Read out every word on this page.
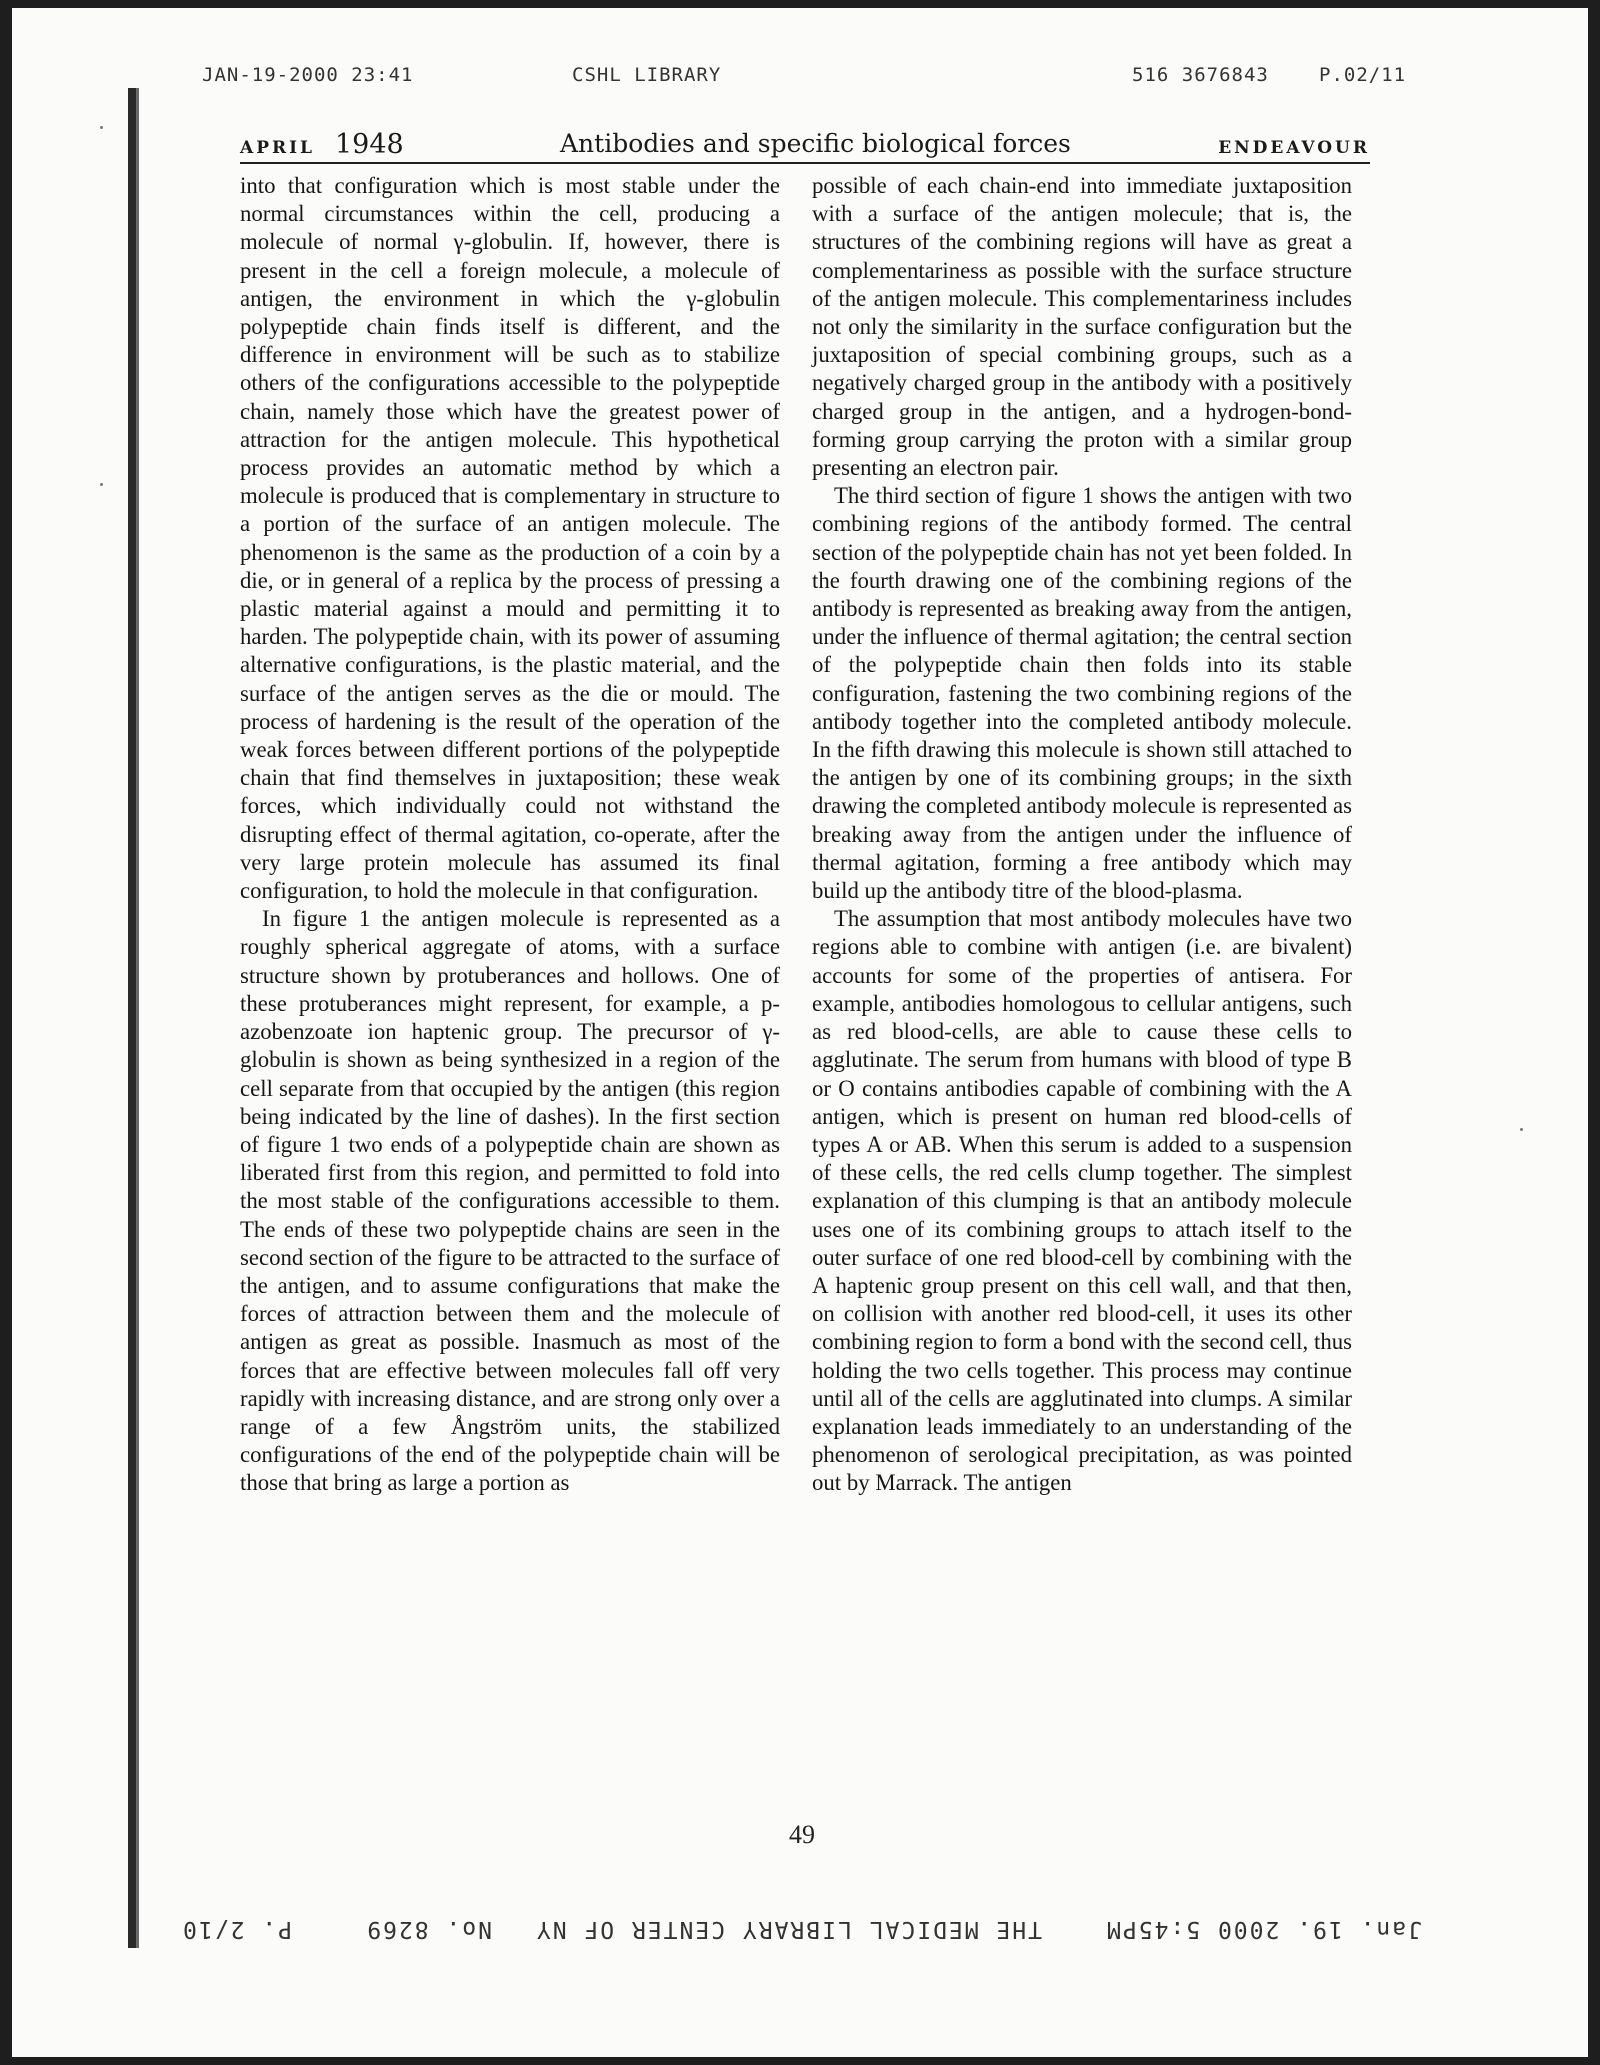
JAN-19-2000 23:41	CSHL LIBRARY	516 3676843	P.02/11
APRIL 1948	Antibodies and specific biological forces	ENDEAVOUR

into that configuration which is most stable under the normal circumstances within the cell, producing a molecule of normal γ-globulin. If, however, there is present in the cell a foreign molecule, a molecule of antigen, the environment in which the γ-globulin polypeptide chain finds itself is different, and the difference in environment will be such as to stabilize others of the configurations accessible to the polypeptide chain, namely those which have the greatest power of attraction for the antigen molecule. This hypothetical process provides an automatic method by which a molecule is produced that is complementary in structure to a portion of the surface of an antigen molecule. The phenomenon is the same as the production of a coin by a die, or in general of a replica by the process of pressing a plastic material against a mould and permitting it to harden. The polypeptide chain, with its power of assuming alternative configurations, is the plastic material, and the surface of the antigen serves as the die or mould. The process of hardening is the result of the operation of the weak forces between different portions of the polypeptide chain that find themselves in juxtaposition; these weak forces, which individually could not withstand the disrupting effect of thermal agitation, co-operate, after the very large protein molecule has assumed its final configuration, to hold the molecule in that configuration.

In figure 1 the antigen molecule is represented as a roughly spherical aggregate of atoms, with a surface structure shown by protuberances and hollows. One of these protuberances might represent, for example, a p-azobenzoate ion haptenic group. The precursor of γ-globulin is shown as being synthesized in a region of the cell separate from that occupied by the antigen (this region being indicated by the line of dashes). In the first section of figure 1 two ends of a polypeptide chain are shown as liberated first from this region, and permitted to fold into the most stable of the configurations accessible to them. The ends of these two polypeptide chains are seen in the second section of the figure to be attracted to the surface of the antigen, and to assume configurations that make the forces of attraction between them and the molecule of antigen as great as possible. Inasmuch as most of the forces that are effective between molecules fall off very rapidly with increasing distance, and are strong only over a range of a few Ångström units, the stabilized configurations of the end of the polypeptide chain will be those that bring as large a portion as

possible of each chain-end into immediate juxtaposition with a surface of the antigen molecule; that is, the structures of the combining regions will have as great a complementariness as possible with the surface structure of the antigen molecule. This complementariness includes not only the similarity in the surface configuration but the juxtaposition of special combining groups, such as a negatively charged group in the antibody with a positively charged group in the antigen, and a hydrogen-bond-forming group carrying the proton with a similar group presenting an electron pair.

The third section of figure 1 shows the antigen with two combining regions of the antibody formed. The central section of the polypeptide chain has not yet been folded. In the fourth drawing one of the combining regions of the antibody is represented as breaking away from the antigen, under the influence of thermal agitation; the central section of the polypeptide chain then folds into its stable configuration, fastening the two combining regions of the antibody together into the completed antibody molecule. In the fifth drawing this molecule is shown still attached to the antigen by one of its combining groups; in the sixth drawing the completed antibody molecule is represented as breaking away from the antigen under the influence of thermal agitation, forming a free antibody which may build up the antibody titre of the blood-plasma.

The assumption that most antibody molecules have two regions able to combine with antigen (i.e. are bivalent) accounts for some of the properties of antisera. For example, antibodies homologous to cellular antigens, such as red blood-cells, are able to cause these cells to agglutinate. The serum from humans with blood of type B or O contains antibodies capable of combining with the A antigen, which is present on human red blood-cells of types A or AB. When this serum is added to a suspension of these cells, the red cells clump together. The simplest explanation of this clumping is that an antibody molecule uses one of its combining groups to attach itself to the outer surface of one red blood-cell by combining with the A haptenic group present on this cell wall, and that then, on collision with another red blood-cell, it uses its other combining region to form a bond with the second cell, thus holding the two cells together. This process may continue until all of the cells are agglutinated into clumps. A similar explanation leads immediately to an understanding of the phenomenon of serological precipitation, as was pointed out by Marrack. The antigen

49
Jan. 19. 2000 5:45PM
THE MEDICAL LIBRARY CENTER OF NY
No. 8269
P. 2/10
